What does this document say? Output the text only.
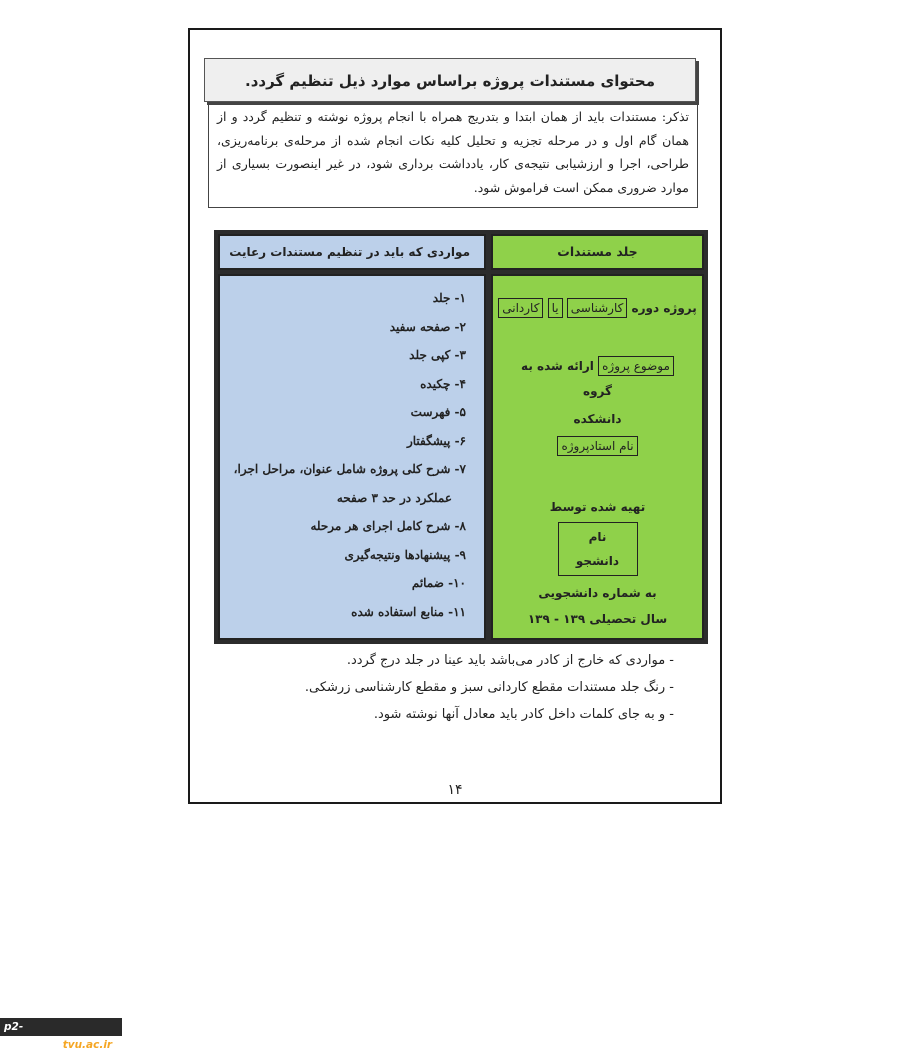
محتوای مستندات پروژه براساس موارد ذیل تنظیم گردد.
تذکر: مستندات باید از همان ابتدا و بتدریج همراه با انجام پروژه نوشته و تنظیم گردد و از همان گام اول و در مرحله تجزیه و تحلیل کلیه نکات انجام شده از مرحله‌ی برنامه‌ریزی، طراحی، اجرا و ارزشیابی نتیجه‌ی کار، یادداشت برداری شود، در غیر اینصورت بسیاری از موارد ضروری ممکن است فراموش شود.
جلد مستندات
مواردی که باید در تنظیم مستندات رعایت
پروژه دوره کارشناسی یا کاردانی
موضوع پروژه ارائه شده به
گروه
دانشکده
نام استادپروژه
تهیه شده توسط
نام
دانشجو
به شماره دانشجویی
سال تحصیلی ۱۳۹ - ۱۳۹
۱- جلد
۲- صفحه سفید
۳- کپی جلد
۴- چکیده
۵- فهرست
۶- پیشگفتار
۷- شرح کلی پروژه شامل عنوان، مراحل اجرا،
عملکرد در حد ۳ صفحه
۸- شرح کامل اجرای هر مرحله
۹- پیشنهادها ونتیجه‌گیری
۱۰- ضمائم
۱۱- منابع استفاده شده
- مواردی که خارج از کادر می‌باشد باید عینا در جلد درج گردد.
- رنگ جلد مستندات مقطع کاردانی سبز و مقطع کارشناسی زرشکی.
- و به جای کلمات داخل کادر باید معادل آنها نوشته شود.
۱۴
p2-hamedan.tvu.ac.ir
